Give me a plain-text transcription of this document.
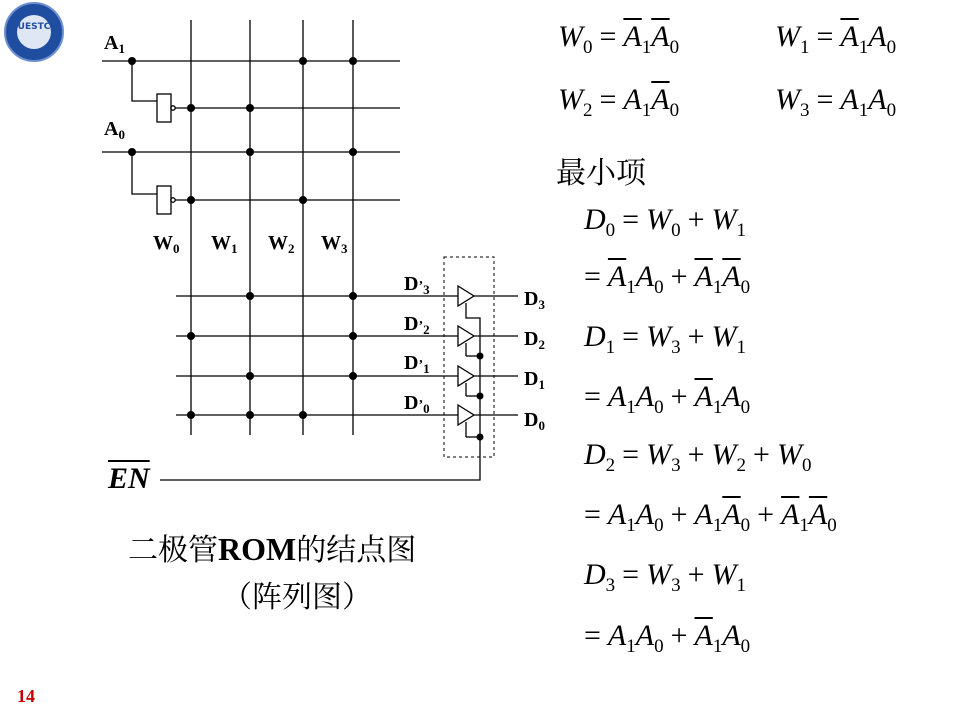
UESTC
$A_1$
$A_0$
$W_0$ $W_1$ $W_2$ $W_3$
$D’_3$
$D’_2$
$D’_1$
$D’_0$
$D_3$
$D_2$
$D_1$
$D_0$
$\overline{EN}$
二极管ROM的结点图
（阵列图）
$W_0 = \overline{A}_1\overline{A}_0$	$W_1 = \overline{A}_1A_0$
$W_2 = A_1\overline{A}_0$	$W_3 = A_1A_0$
最小项
$D_0 = W_0 + W_1$
= $\overline{A}_1A_0 + \overline{A}_1\overline{A}_0$
$D_1 = W_3 + W_1$
= $A_1A_0 + \overline{A}_1A_0$
$D_2 = W_3 + W_2 + W_0$
= $A_1A_0 + A_1\overline{A}_0 + \overline{A}_1\overline{A}_0$
$D_3 = W_3 + W_1$
= $A_1A_0 + \overline{A}_1A_0$
14
